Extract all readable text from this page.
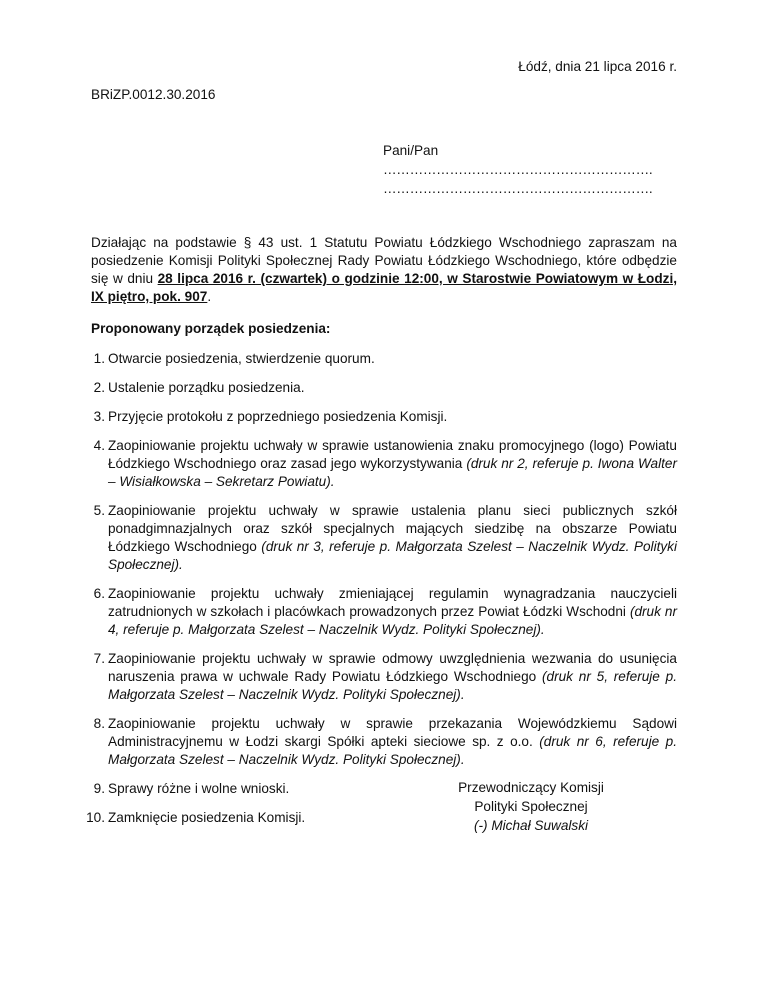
Łódź, dnia 21 lipca 2016 r.
BRiZP.0012.30.2016
Pani/Pan
…………………………………………………….
…………………………………………………….
Działając na podstawie § 43 ust. 1 Statutu Powiatu Łódzkiego Wschodniego zapraszam na posiedzenie Komisji Polityki Społecznej Rady Powiatu Łódzkiego Wschodniego, które odbędzie się w dniu 28 lipca 2016 r. (czwartek) o godzinie 12:00, w Starostwie Powiatowym w Łodzi, IX piętro, pok. 907.
Proponowany porządek posiedzenia:
1. Otwarcie posiedzenia, stwierdzenie quorum.
2. Ustalenie porządku posiedzenia.
3. Przyjęcie protokołu z poprzedniego posiedzenia Komisji.
4. Zaopiniowanie projektu uchwały w sprawie ustanowienia znaku promocyjnego (logo) Powiatu Łódzkiego Wschodniego oraz zasad jego wykorzystywania (druk nr 2, referuje p. Iwona Walter – Wisiałkowska – Sekretarz Powiatu).
5. Zaopiniowanie projektu uchwały w sprawie ustalenia planu sieci publicznych szkół ponadgimnazjalnych oraz szkół specjalnych mających siedzibę na obszarze Powiatu Łódzkiego Wschodniego (druk nr 3, referuje p. Małgorzata Szelest – Naczelnik Wydz. Polityki Społecznej).
6. Zaopiniowanie projektu uchwały zmieniającej regulamin wynagradzania nauczycieli zatrudnionych w szkołach i placówkach prowadzonych przez Powiat Łódzki Wschodni (druk nr 4, referuje p. Małgorzata Szelest – Naczelnik Wydz. Polityki Społecznej).
7. Zaopiniowanie projektu uchwały w sprawie odmowy uwzględnienia wezwania do usunięcia naruszenia prawa w uchwale Rady Powiatu Łódzkiego Wschodniego (druk nr 5, referuje p. Małgorzata Szelest – Naczelnik Wydz. Polityki Społecznej).
8. Zaopiniowanie projektu uchwały w sprawie przekazania Wojewódzkiemu Sądowi Administracyjnemu w Łodzi skargi Spółki apteki sieciowe sp. z o.o. (druk nr 6, referuje p. Małgorzata Szelest – Naczelnik Wydz. Polityki Społecznej).
9. Sprawy różne i wolne wnioski.
10. Zamknięcie posiedzenia Komisji.
Przewodniczący Komisji
Polityki Społecznej
(-) Michał Suwalski
